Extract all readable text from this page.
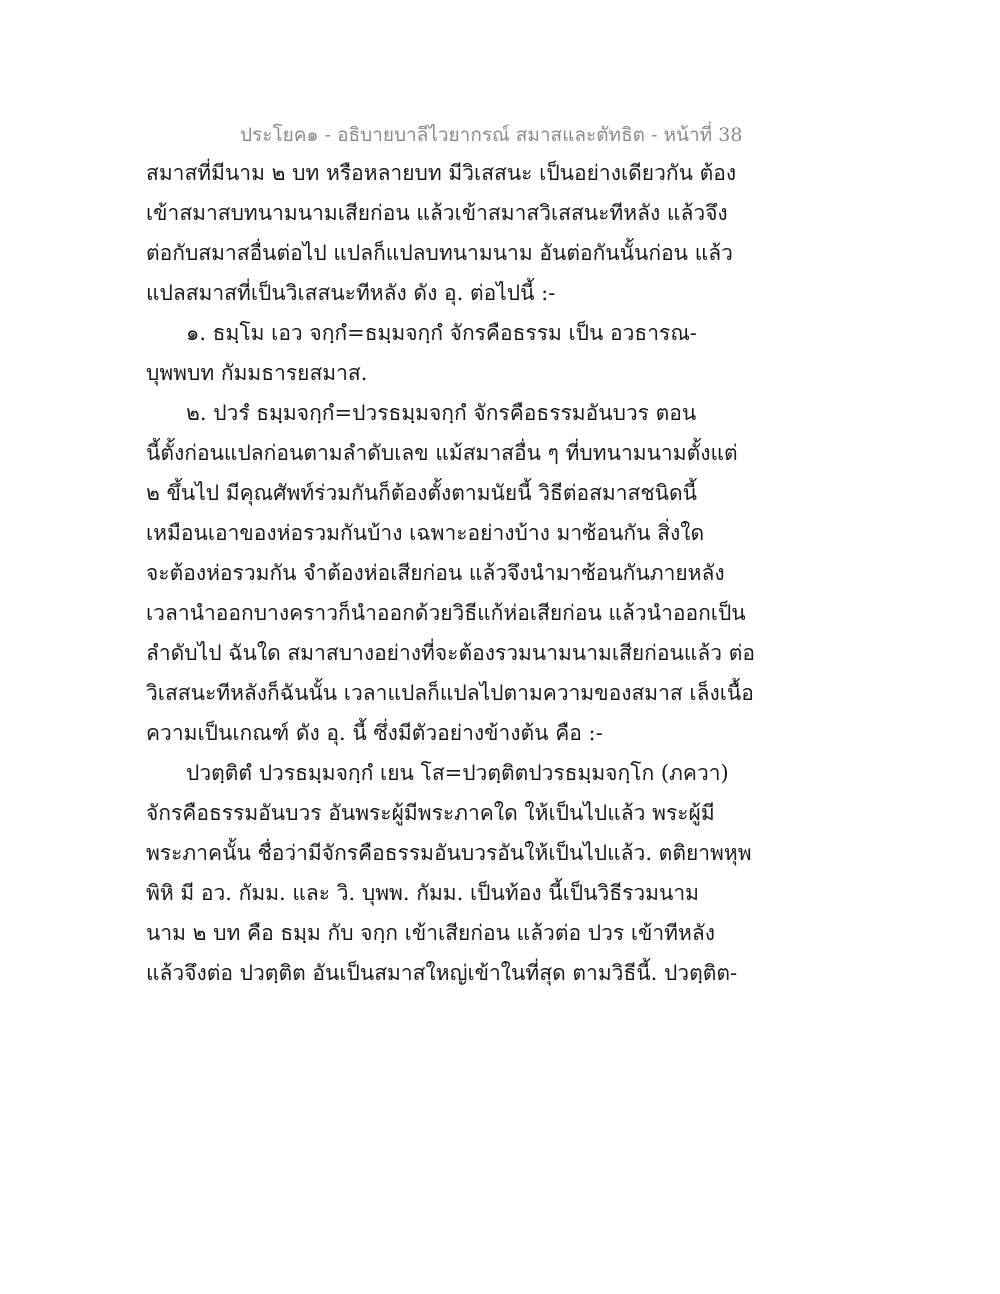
ประโยค๑ - อธิบายบาลีไวยากรณ์ สมาสและตัทธิต - หน้าที่ 38
สมาสที่มีนาม ๒ บท หรือหลายบท มีวิเสสนะ เป็นอย่างเดียวกัน ต้อง
เข้าสมาสบทนามนามเสียก่อน แล้วเข้าสมาสวิเสสนะทีหลัง แล้วจึง
ต่อกับสมาสอื่นต่อไป แปลก็แปลบทนามนาม อันต่อกันนั้นก่อน แล้ว
แปลสมาสที่เป็นวิเสสนะทีหลัง ดัง อุ. ต่อไปนี้ :-
๑. ธมฺโม เอว จกฺกํ=ธมฺมจกฺกํ จักรคือธรรม เป็น อวธารณ-
บุพพบท กัมมธารยสมาส.
๒. ปวรํ ธมฺมจกฺกํ=ปวรธมฺมจกฺกํ จักรคือธรรมอันบวร ตอน
นี้ตั้งก่อนแปลก่อนตามลำดับเลข แม้สมาสอื่น ๆ ที่บทนามนามตั้งแต่
๒ ขึ้นไป มีคุณศัพท์ร่วมกันก็ต้องตั้งตามนัยนี้ วิธีต่อสมาสชนิดนี้
เหมือนเอาของห่อรวมกันบ้าง เฉพาะอย่างบ้าง มาซ้อนกัน สิ่งใด
จะต้องห่อรวมกัน จำต้องห่อเสียก่อน แล้วจึงนำมาซ้อนกันภายหลัง
เวลานำออกบางคราวก็นำออกด้วยวิธีแก้ห่อเสียก่อน แล้วนำออกเป็น
ลำดับไป ฉันใด สมาสบางอย่างที่จะต้องรวมนามนามเสียก่อนแล้ว ต่อ
วิเสสนะทีหลังก็ฉันนั้น เวลาแปลก็แปลไปตามความของสมาส เล็งเนื้อ
ความเป็นเกณฑ์ ดัง อุ. นี้ ซึ่งมีตัวอย่างข้างต้น คือ :-
ปวตฺติตํ ปวรธมฺมจกฺกํ เยน โส=ปวตฺติตปวรธมฺมจกฺโก (ภควา)
จักรคือธรรมอันบวร อันพระผู้มีพระภาคใด ให้เป็นไปแล้ว พระผู้มี
พระภาคนั้น ชื่อว่ามีจักรคือธรรมอันบวรอันให้เป็นไปแล้ว. ตติยาพหุพ
พิหิ มี อว. กัมม. และ วิ. บุพพ. กัมม. เป็นท้อง นี้เป็นวิธีรวมนาม
นาม ๒ บท คือ ธมฺม กับ จกฺก เข้าเสียก่อน แล้วต่อ ปวร เข้าทีหลัง
แล้วจึงต่อ ปวตฺติต อันเป็นสมาสใหญ่เข้าในที่สุด ตามวิธีนี้. ปวตฺติต-
